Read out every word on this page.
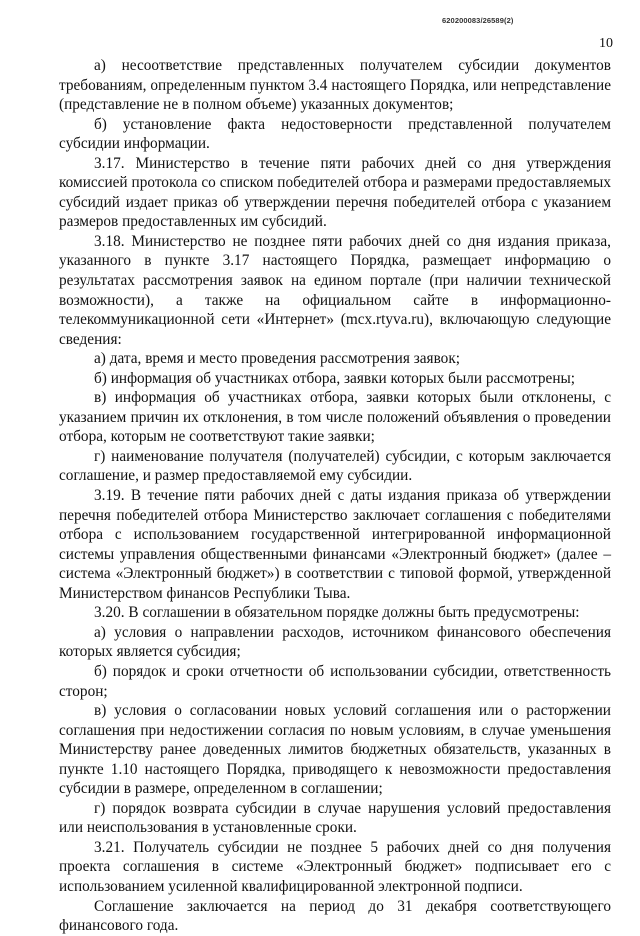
620200083/26589(2)
10

а) несоответствие представленных получателем субсидии документов требованиям, определенным пунктом 3.4 настоящего Порядка, или непредставление (представление не в полном объеме) указанных документов;

б) установление факта недостоверности представленной получателем субсидии информации.

3.17. Министерство в течение пяти рабочих дней со дня утверждения комиссией протокола со списком победителей отбора и размерами предоставляемых субсидий издает приказ об утверждении перечня победителей отбора с указанием размеров предоставленных им субсидий.

3.18. Министерство не позднее пяти рабочих дней со дня издания приказа, указанного в пункте 3.17 настоящего Порядка, размещает информацию о результатах рассмотрения заявок на едином портале (при наличии технической возможности), а также на официальном сайте в информационно-телекоммуникационной сети «Интернет» (mcx.rtyva.ru), включающую следующие сведения:

а) дата, время и место проведения рассмотрения заявок;

б) информация об участниках отбора, заявки которых были рассмотрены;

в) информация об участниках отбора, заявки которых были отклонены, с указанием причин их отклонения, в том числе положений объявления о проведении отбора, которым не соответствуют такие заявки;

г) наименование получателя (получателей) субсидии, с которым заключается соглашение, и размер предоставляемой ему субсидии.

3.19. В течение пяти рабочих дней с даты издания приказа об утверждении перечня победителей отбора Министерство заключает соглашения с победителями отбора с использованием государственной интегрированной информационной системы управления общественными финансами «Электронный бюджет» (далее – система «Электронный бюджет») в соответствии с типовой формой, утвержденной Министерством финансов Республики Тыва.

3.20. В соглашении в обязательном порядке должны быть предусмотрены:

а) условия о направлении расходов, источником финансового обеспечения которых является субсидия;

б) порядок и сроки отчетности об использовании субсидии, ответственность сторон;

в) условия о согласовании новых условий соглашения или о расторжении соглашения при недостижении согласия по новым условиям, в случае уменьшения Министерству ранее доведенных лимитов бюджетных обязательств, указанных в пункте 1.10 настоящего Порядка, приводящего к невозможности предоставления субсидии в размере, определенном в соглашении;

г) порядок возврата субсидии в случае нарушения условий предоставления или неиспользования в установленные сроки.

3.21. Получатель субсидии не позднее 5 рабочих дней со дня получения проекта соглашения в системе «Электронный бюджет» подписывает его с использованием усиленной квалифицированной электронной подписи.

Соглашение заключается на период до 31 декабря соответствующего финансового года.
